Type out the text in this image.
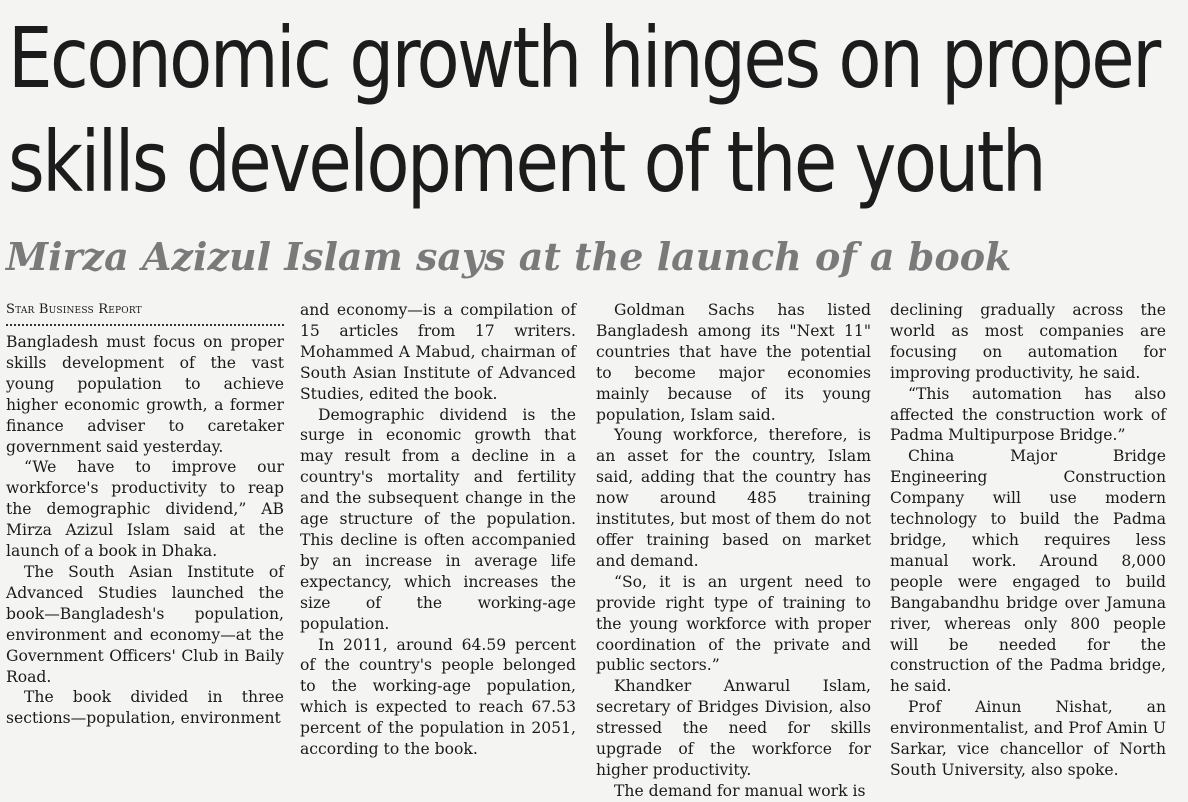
Economic growth hinges on proper
skills development of the youth
Mirza Azizul Islam says at the launch of a book
Star Business Report

Bangladesh must focus on proper skills development of the vast young population to achieve higher economic growth, a former finance adviser to caretaker government said yesterday.

“We have to improve our workforce's productivity to reap the demographic dividend,” AB Mirza Azizul Islam said at the launch of a book in Dhaka.

The South Asian Institute of Advanced Studies launched the book—Bangladesh's population, environment and economy—at the Government Officers' Club in Baily Road.

The book divided in three sections—population, environment

and economy—is a compilation of 15 articles from 17 writers. Mohammed A Mabud, chairman of South Asian Institute of Advanced Studies, edited the book.

Demographic dividend is the surge in economic growth that may result from a decline in a country's mortality and fertility and the subsequent change in the age structure of the population. This decline is often accompanied by an increase in average life expectancy, which increases the size of the working-age population.

In 2011, around 64.59 percent of the country's people belonged to the working-age population, which is expected to reach 67.53 percent of the population in 2051, according to the book.

Goldman Sachs has listed Bangladesh among its "Next 11" countries that have the potential to become major economies mainly because of its young population, Islam said.

Young workforce, therefore, is an asset for the country, Islam said, adding that the country has now around 485 training institutes, but most of them do not offer training based on market and demand.

“So, it is an urgent need to provide right type of training to the young workforce with proper coordination of the private and public sectors.”

Khandker Anwarul Islam, secretary of Bridges Division, also stressed the need for skills upgrade of the workforce for higher productivity.

The demand for manual work is

declining gradually across the world as most companies are focusing on automation for improving productivity, he said.

“This automation has also affected the construction work of Padma Multipurpose Bridge.”

China Major Bridge Engineering Construction Company will use modern technology to build the Padma bridge, which requires less manual work. Around 8,000 people were engaged to build Bangabandhu bridge over Jamuna river, whereas only 800 people will be needed for the construction of the Padma bridge, he said.

Prof Ainun Nishat, an environmentalist, and Prof Amin U Sarkar, vice chancellor of North South University, also spoke.
